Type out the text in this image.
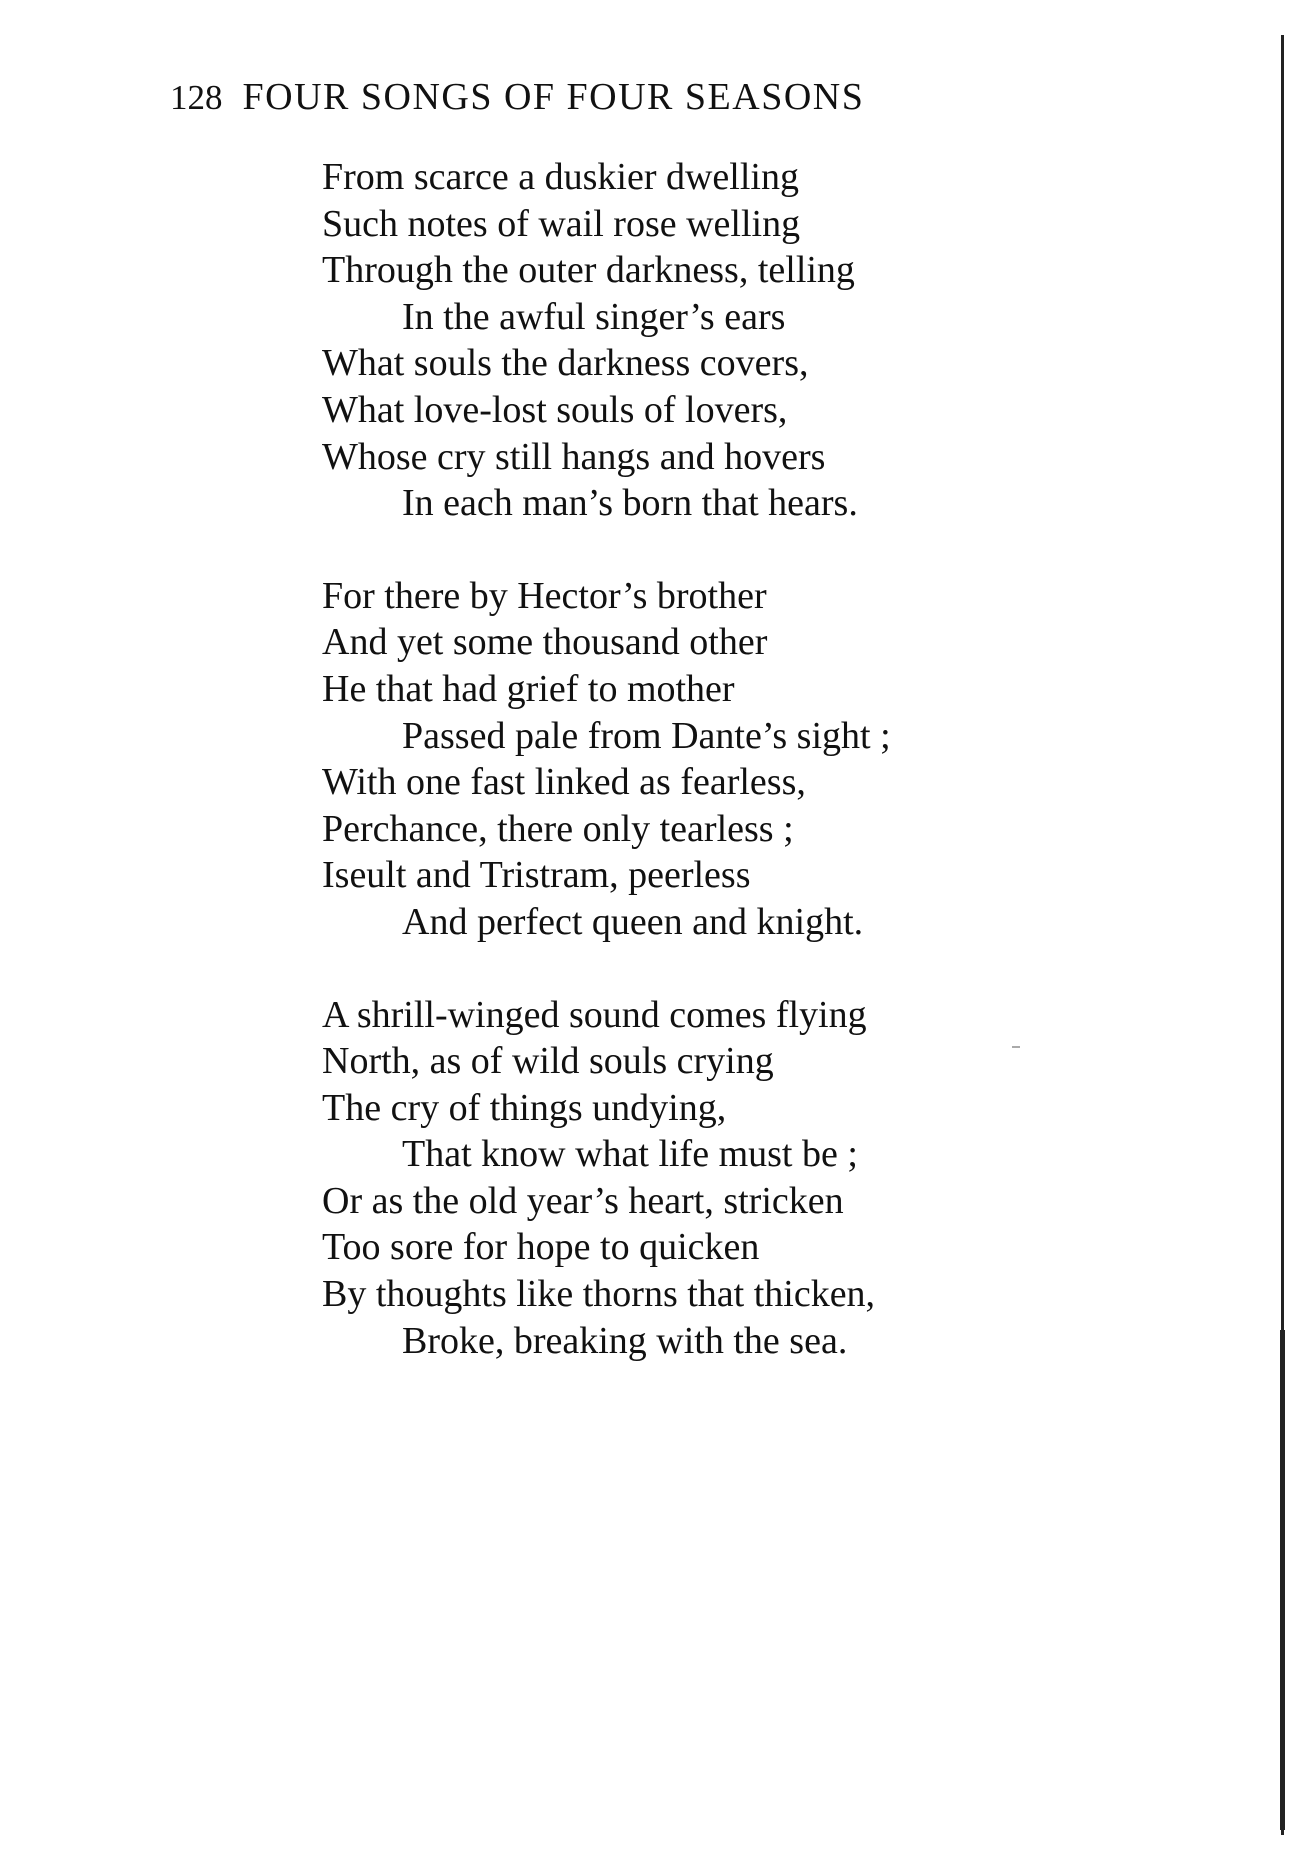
128 FOUR SONGS OF FOUR SEASONS
From scarce a duskier dwelling
Such notes of wail rose welling
Through the outer darkness, telling
In the awful singer’s ears
What souls the darkness covers,
What love-lost souls of lovers,
Whose cry still hangs and hovers
In each man’s born that hears.
For there by Hector’s brother
And yet some thousand other
He that had grief to mother
Passed pale from Dante’s sight ;
With one fast linked as fearless,
Perchance, there only tearless ;
Iseult and Tristram, peerless
And perfect queen and knight.
A shrill-winged sound comes flying
North, as of wild souls crying
The cry of things undying,
That know what life must be ;
Or as the old year’s heart, stricken
Too sore for hope to quicken
By thoughts like thorns that thicken,
Broke, breaking with the sea.
